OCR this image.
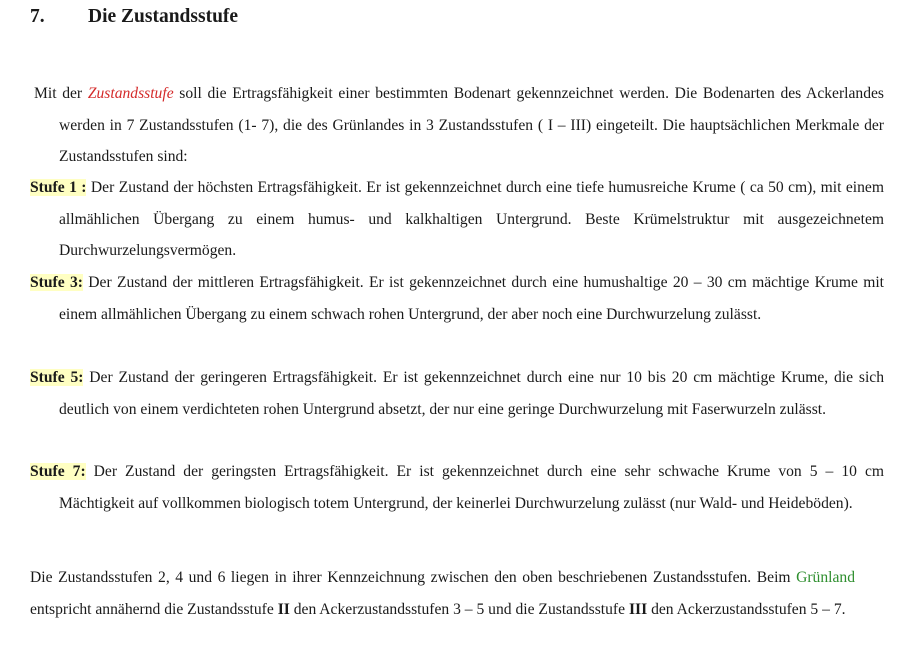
7. Die Zustandsstufe

Mit der Zustandsstufe soll die Ertragsfähigkeit einer bestimmten Bodenart gekennzeichnet werden. Die Bodenarten des Ackerlandes werden in 7 Zustandsstufen (1- 7), die des Grünlandes in 3 Zustandsstufen ( I – III) eingeteilt. Die hauptsächlichen Merkmale der Zustandsstufen sind:

Stufe 1 : Der Zustand der höchsten Ertragsfähigkeit. Er ist gekennzeichnet durch eine tiefe humusreiche Krume ( ca 50 cm), mit einem allmählichen Übergang zu einem humus- und kalkhaltigen Untergrund. Beste Krümelstruktur mit ausgezeichnetem Durchwurzelungsvermögen.

Stufe 3: Der Zustand der mittleren Ertragsfähigkeit. Er ist gekennzeichnet durch eine humushaltige 20 – 30 cm mächtige Krume mit einem allmählichen Übergang zu einem schwach rohen Untergrund, der aber noch eine Durchwurzelung zulässt.

Stufe 5: Der Zustand der geringeren Ertragsfähigkeit. Er ist gekennzeichnet durch eine nur 10 bis 20 cm mächtige Krume, die sich deutlich von einem verdichteten rohen Untergrund absetzt, der nur eine geringe Durchwurzelung mit Faserwurzeln zulässt.

Stufe 7: Der Zustand der geringsten Ertragsfähigkeit. Er ist gekennzeichnet durch eine sehr schwache Krume von 5 – 10 cm Mächtigkeit auf vollkommen biologisch totem Untergrund, der keinerlei Durchwurzelung zulässt (nur Wald- und Heideböden).

Die Zustandsstufen 2, 4 und 6 liegen in ihrer Kennzeichnung zwischen den oben beschriebenen Zustandsstufen. Beim Grünland entspricht annähernd die Zustandsstufe II den Ackerzustandsstufen 3 – 5 und die Zustandsstufe III den Ackerzustandsstufen 5 – 7.
